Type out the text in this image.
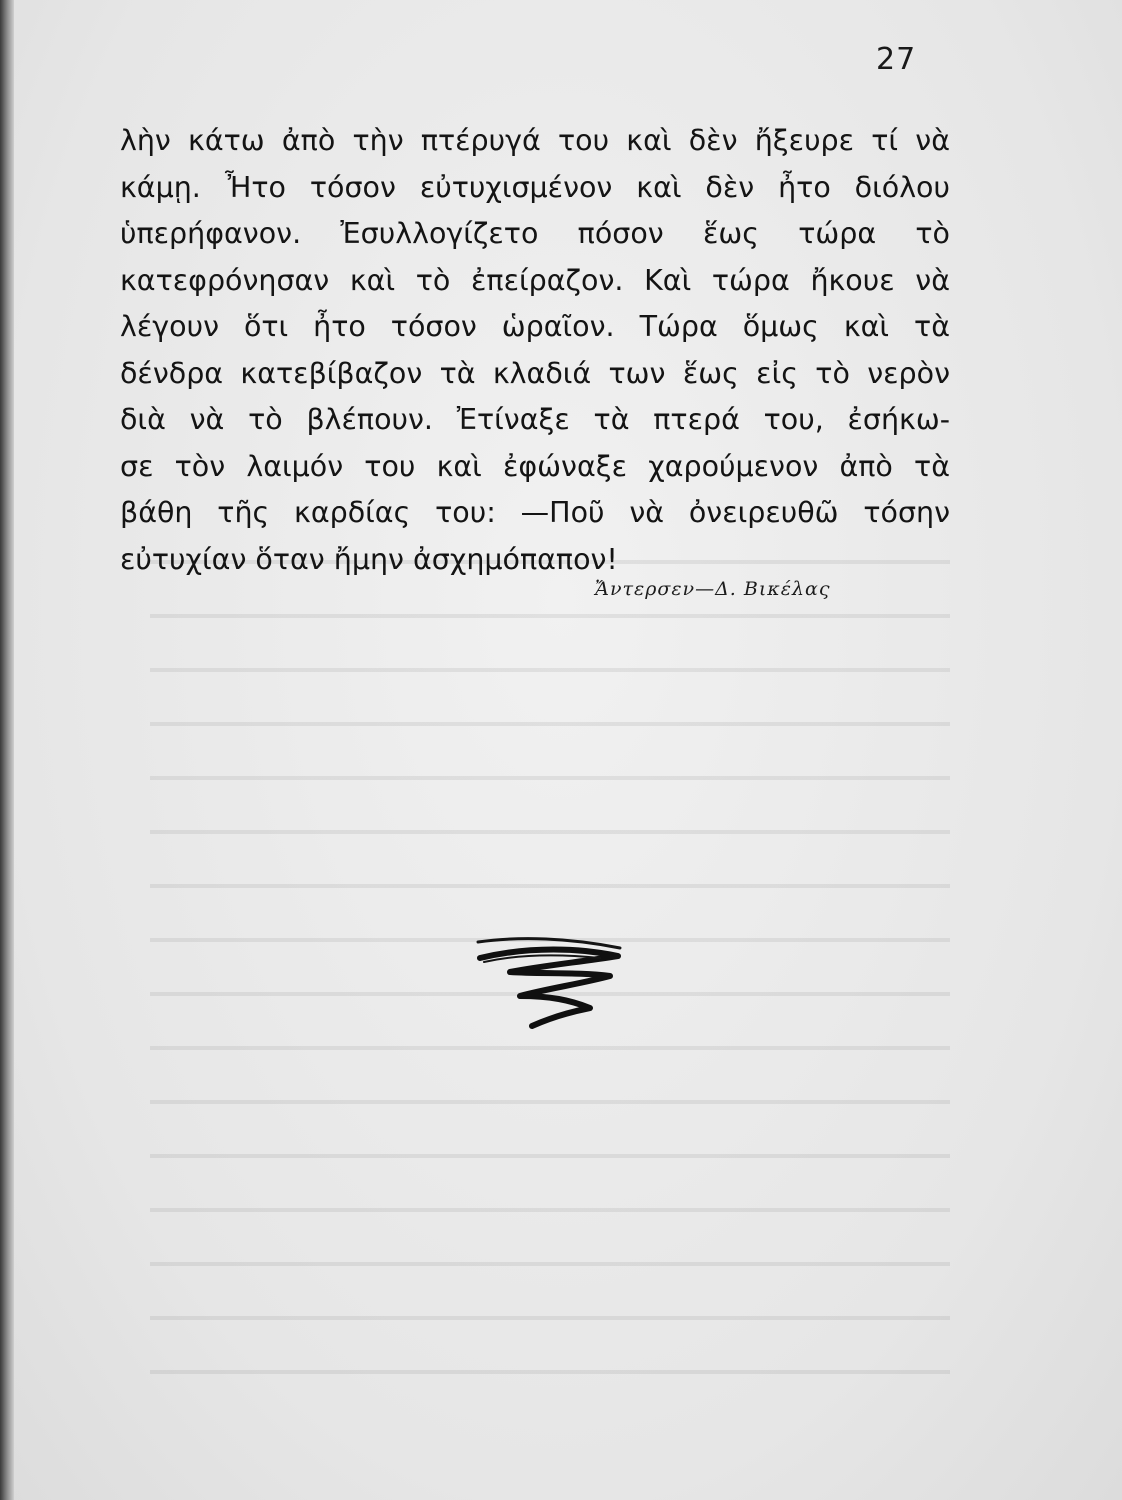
27
λὴν κάτω ἀπὸ τὴν πτέρυγά του καὶ δὲν ἤξευρε τί νὰ
κάμῃ. Ἦτο τόσον εὐτυχισμένον καὶ δὲν ἦτο διόλου
ὑπερήφανον. Ἐσυλλογίζετο πόσον ἕως τώρα τὸ
κατεφρόνησαν καὶ τὸ ἐπείραζον. Καὶ τώρα ἤκουε νὰ
λέγουν ὅτι ἦτο τόσον ὡραῖον. Τώρα ὅμως καὶ τὰ
δένδρα κατεβίβαζον τὰ κλαδιά των ἕως εἰς τὸ νερὸν
διὰ νὰ τὸ βλέπουν. Ἐτίναξε τὰ πτερά του, ἐσήκω-
σε τὸν λαιμόν του καὶ ἐφώναξε χαρούμενον ἀπὸ τὰ
βάθη τῆς καρδίας του: —Ποῦ νὰ ὀνειρευθῶ τόσην
εὐτυχίαν ὅταν ἤμην ἀσχημόπαπον!
Ἄντερσεν—Δ. Βικέλας
